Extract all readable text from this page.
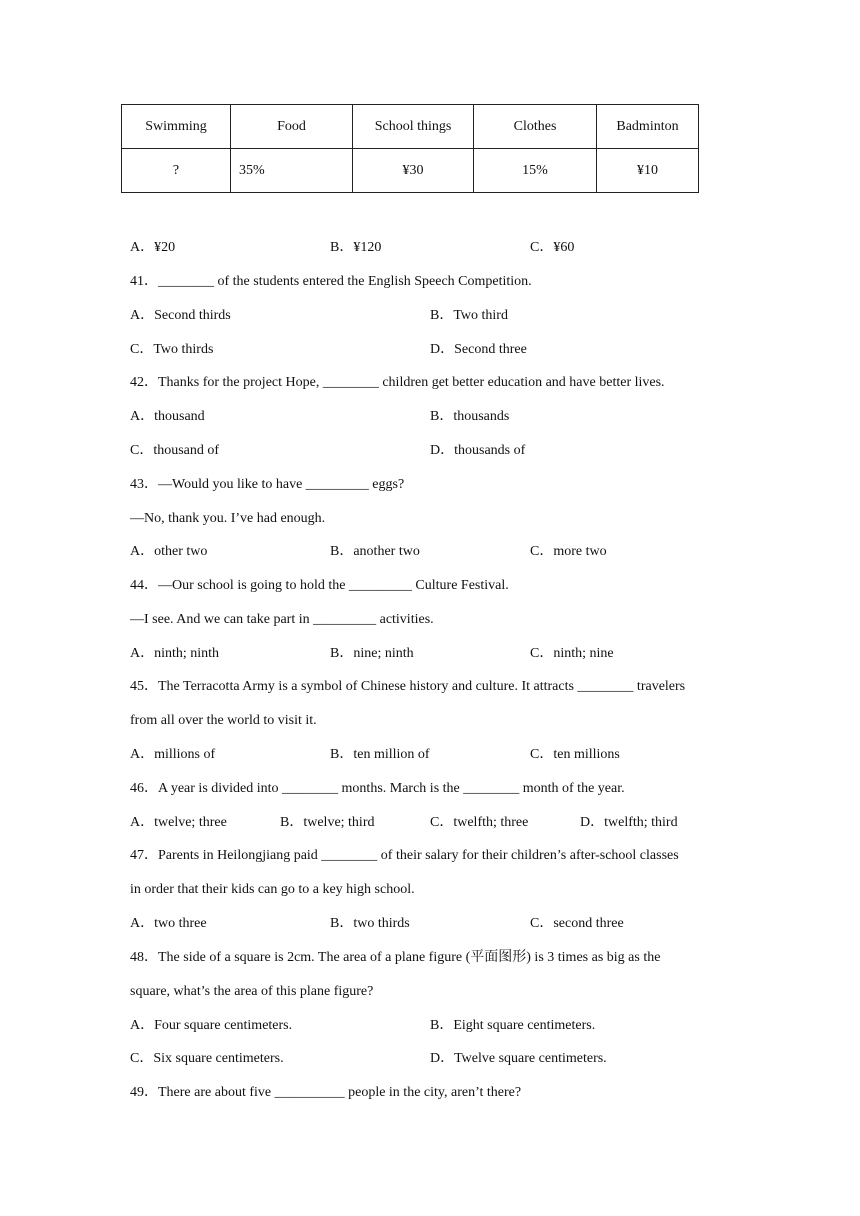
Swimming	Food	School things	Clothes	Badminton
?	35%	¥30	15%	¥10
A．¥20	B．¥120	C．¥60
41．________ of the students entered the English Speech Competition.
A．Second thirds	B．Two third
C．Two thirds	D．Second three
42．Thanks for the project Hope, ________ children get better education and have better lives.
A．thousand	B．thousands
C．thousand of	D．thousands of
43．—Would you like to have _________ eggs?
—No, thank you. I’ve had enough.
A．other two	B．another two	C．more two
44．—Our school is going to hold the _________ Culture Festival.
—I see. And we can take part in _________ activities.
A．ninth; ninth	B．nine; ninth	C．ninth; nine
45．The Terracotta Army is a symbol of Chinese history and culture. It attracts ________ travelers
from all over the world to visit it.
A．millions of	B．ten million of	C．ten millions
46．A year is divided into ________ months. March is the ________ month of the year.
A．twelve; three	B．twelve; third	C．twelfth; three	D．twelfth; third
47．Parents in Heilongjiang paid ________ of their salary for their children’s after-school classes
in order that their kids can go to a key high school.
A．two three	B．two thirds	C．second three
48．The side of a square is 2cm. The area of a plane figure (平面图形) is 3 times as big as the
square, what’s the area of this plane figure?
A．Four square centimeters.	B．Eight square centimeters.
C．Six square centimeters.	D．Twelve square centimeters.
49．There are about five __________ people in the city, aren’t there?
